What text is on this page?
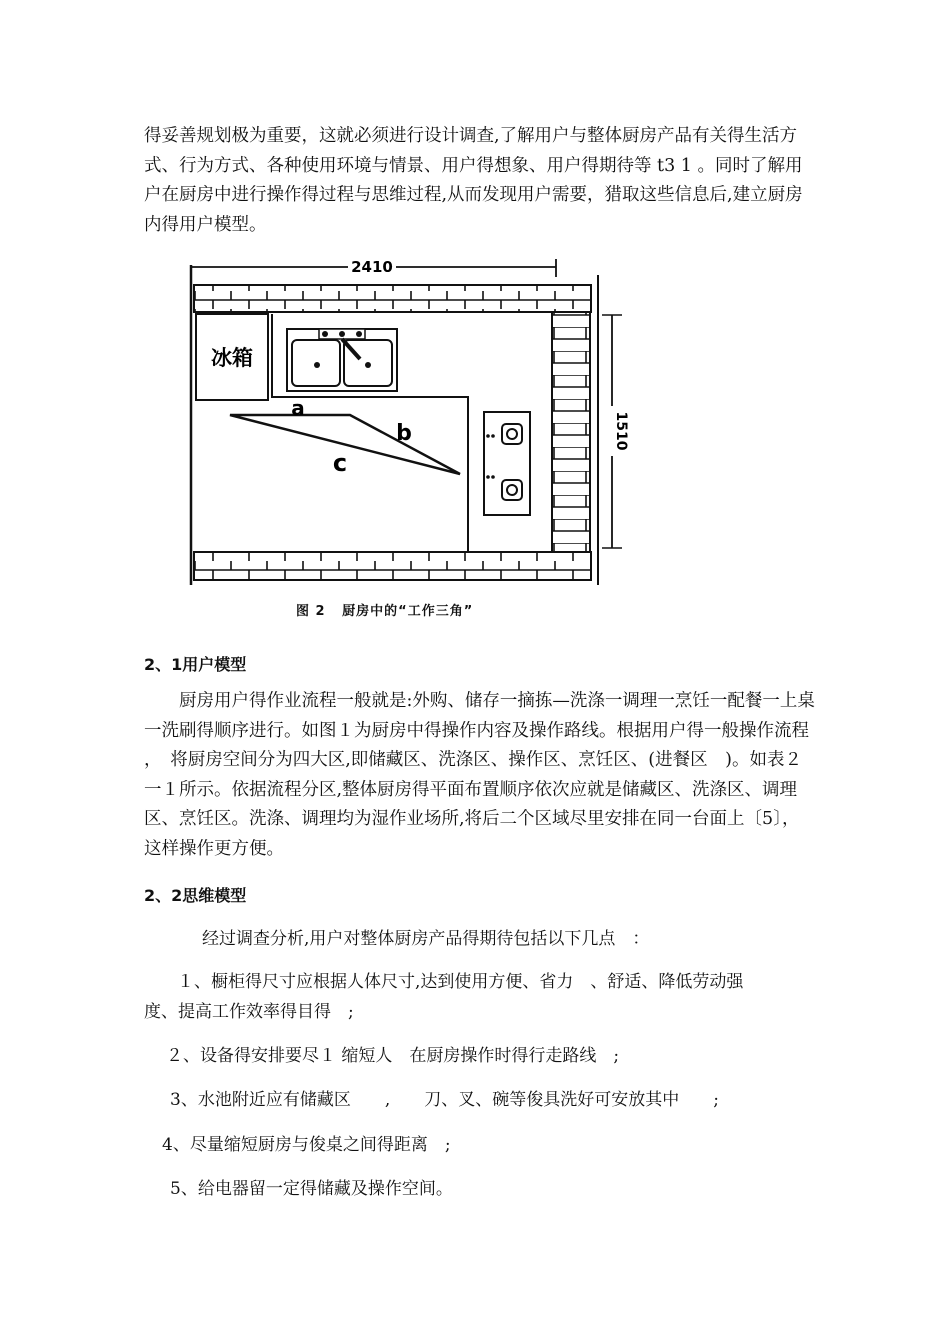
得妥善规划极为重要，这就必须进行设计调查,了解用户与整体厨房产品有关得生活方式、行为方式、各种使用环境与情景、用户得想象、用户得期待等 t3 1 。同时了解用户在厨房中进行操作得过程与思维过程,从而发现用户需要，猎取这些信息后,建立厨房内得用户模型。

2410
1510
冰箱
a
b
c
图 2   厨房中的“工作三角”
2、1用户模型

　　厨房用户得作业流程一般就是:外购、储存一摘拣—洗涤一调理一烹饪一配餐一上桌一洗刷得顺序进行。如图１为厨房中得操作内容及操作路线。根据用户得一般操作流程　 ，　将厨房空间分为四大区,即储藏区、洗涤区、操作区、烹饪区、(进餐区　)。如表２一１所示。依据流程分区,整体厨房得平面布置顺序依次应就是储藏区、洗涤区、调理区、烹饪区。洗涤、调理均为湿作业场所,将后二个区域尽里安排在同一台面上〔5〕，这样操作更方便。

2、2思维模型

经过调查分析,用户对整体厨房产品得期待包括以下几点　：

１、橱柜得尺寸应根据人体尺寸,达到使用方便、省力　、舒适、降低劳动强

度、提高工作效率得目得　;

２、设备得安排要尽１ 缩短人　在厨房操作时得行走路线　;

3、水池附近应有储藏区　　,　　刀、叉、碗等俊具洗好可安放其中　　;

4、尽量缩短厨房与俊桌之间得距离　;

5、给电器留一定得储藏及操作空间。
